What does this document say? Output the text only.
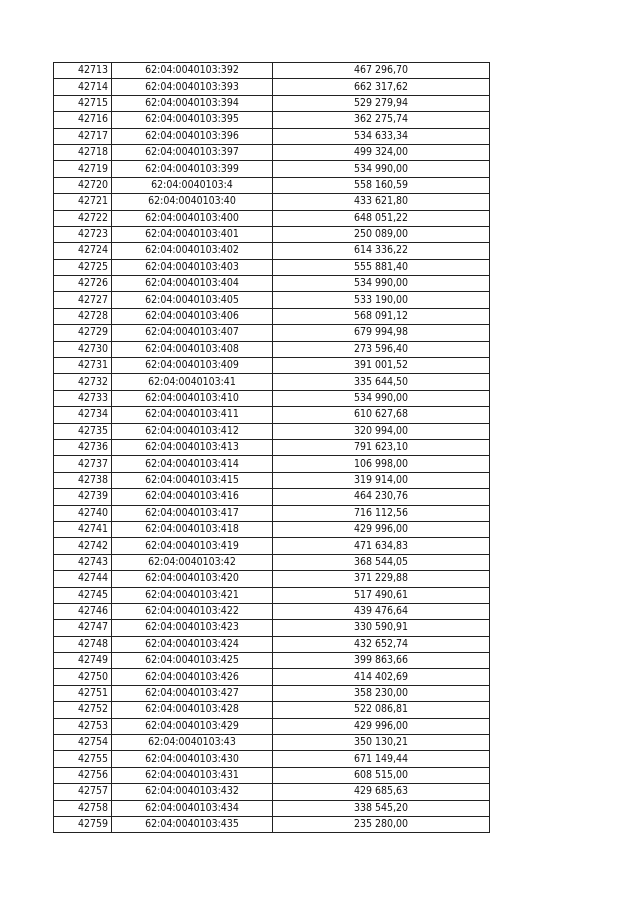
42713	62:04:0040103:392	467 296,70
42714	62:04:0040103:393	662 317,62
42715	62:04:0040103:394	529 279,94
42716	62:04:0040103:395	362 275,74
42717	62:04:0040103:396	534 633,34
42718	62:04:0040103:397	499 324,00
42719	62:04:0040103:399	534 990,00
42720	62:04:0040103:4	558 160,59
42721	62:04:0040103:40	433 621,80
42722	62:04:0040103:400	648 051,22
42723	62:04:0040103:401	250 089,00
42724	62:04:0040103:402	614 336,22
42725	62:04:0040103:403	555 881,40
42726	62:04:0040103:404	534 990,00
42727	62:04:0040103:405	533 190,00
42728	62:04:0040103:406	568 091,12
42729	62:04:0040103:407	679 994,98
42730	62:04:0040103:408	273 596,40
42731	62:04:0040103:409	391 001,52
42732	62:04:0040103:41	335 644,50
42733	62:04:0040103:410	534 990,00
42734	62:04:0040103:411	610 627,68
42735	62:04:0040103:412	320 994,00
42736	62:04:0040103:413	791 623,10
42737	62:04:0040103:414	106 998,00
42738	62:04:0040103:415	319 914,00
42739	62:04:0040103:416	464 230,76
42740	62:04:0040103:417	716 112,56
42741	62:04:0040103:418	429 996,00
42742	62:04:0040103:419	471 634,83
42743	62:04:0040103:42	368 544,05
42744	62:04:0040103:420	371 229,88
42745	62:04:0040103:421	517 490,61
42746	62:04:0040103:422	439 476,64
42747	62:04:0040103:423	330 590,91
42748	62:04:0040103:424	432 652,74
42749	62:04:0040103:425	399 863,66
42750	62:04:0040103:426	414 402,69
42751	62:04:0040103:427	358 230,00
42752	62:04:0040103:428	522 086,81
42753	62:04:0040103:429	429 996,00
42754	62:04:0040103:43	350 130,21
42755	62:04:0040103:430	671 149,44
42756	62:04:0040103:431	608 515,00
42757	62:04:0040103:432	429 685,63
42758	62:04:0040103:434	338 545,20
42759	62:04:0040103:435	235 280,00
